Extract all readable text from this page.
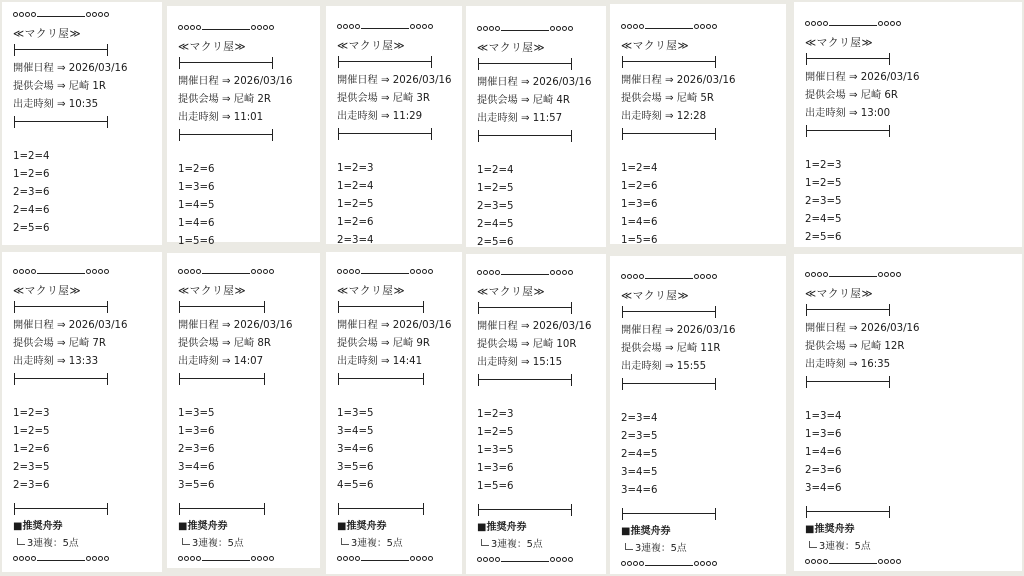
≪マクリ屋≫
開催日程 ⇒ 2026/03/16
提供会場 ⇒ 尼崎 1R
出走時刻 ⇒ 10:35
1=2=4
1=2=6
2=3=6
2=4=6
2=5=6
≪マクリ屋≫
開催日程 ⇒ 2026/03/16
提供会場 ⇒ 尼崎 2R
出走時刻 ⇒ 11:01
1=2=6
1=3=6
1=4=5
1=4=6
1=5=6
≪マクリ屋≫
開催日程 ⇒ 2026/03/16
提供会場 ⇒ 尼崎 3R
出走時刻 ⇒ 11:29
1=2=3
1=2=4
1=2=5
1=2=6
2=3=4
≪マクリ屋≫
開催日程 ⇒ 2026/03/16
提供会場 ⇒ 尼崎 4R
出走時刻 ⇒ 11:57
1=2=4
1=2=5
2=3=5
2=4=5
2=5=6
≪マクリ屋≫
開催日程 ⇒ 2026/03/16
提供会場 ⇒ 尼崎 5R
出走時刻 ⇒ 12:28
1=2=4
1=2=6
1=3=6
1=4=6
1=5=6
≪マクリ屋≫
開催日程 ⇒ 2026/03/16
提供会場 ⇒ 尼崎 6R
出走時刻 ⇒ 13:00
1=2=3
1=2=5
2=3=5
2=4=5
2=5=6
≪マクリ屋≫
開催日程 ⇒ 2026/03/16
提供会場 ⇒ 尼崎 7R
出走時刻 ⇒ 13:33
1=2=3
1=2=5
1=2=6
2=3=5
2=3=6
■推奨舟券
3連複：5点
≪マクリ屋≫
開催日程 ⇒ 2026/03/16
提供会場 ⇒ 尼崎 8R
出走時刻 ⇒ 14:07
1=3=5
1=3=6
2=3=6
3=4=6
3=5=6
■推奨舟券
3連複：5点
≪マクリ屋≫
開催日程 ⇒ 2026/03/16
提供会場 ⇒ 尼崎 9R
出走時刻 ⇒ 14:41
1=3=5
3=4=5
3=4=6
3=5=6
4=5=6
■推奨舟券
3連複：5点
≪マクリ屋≫
開催日程 ⇒ 2026/03/16
提供会場 ⇒ 尼崎 10R
出走時刻 ⇒ 15:15
1=2=3
1=2=5
1=3=5
1=3=6
1=5=6
■推奨舟券
3連複：5点
≪マクリ屋≫
開催日程 ⇒ 2026/03/16
提供会場 ⇒ 尼崎 11R
出走時刻 ⇒ 15:55
2=3=4
2=3=5
2=4=5
3=4=5
3=4=6
■推奨舟券
3連複：5点
≪マクリ屋≫
開催日程 ⇒ 2026/03/16
提供会場 ⇒ 尼崎 12R
出走時刻 ⇒ 16:35
1=3=4
1=3=6
1=4=6
2=3=6
3=4=6
■推奨舟券
3連複：5点
